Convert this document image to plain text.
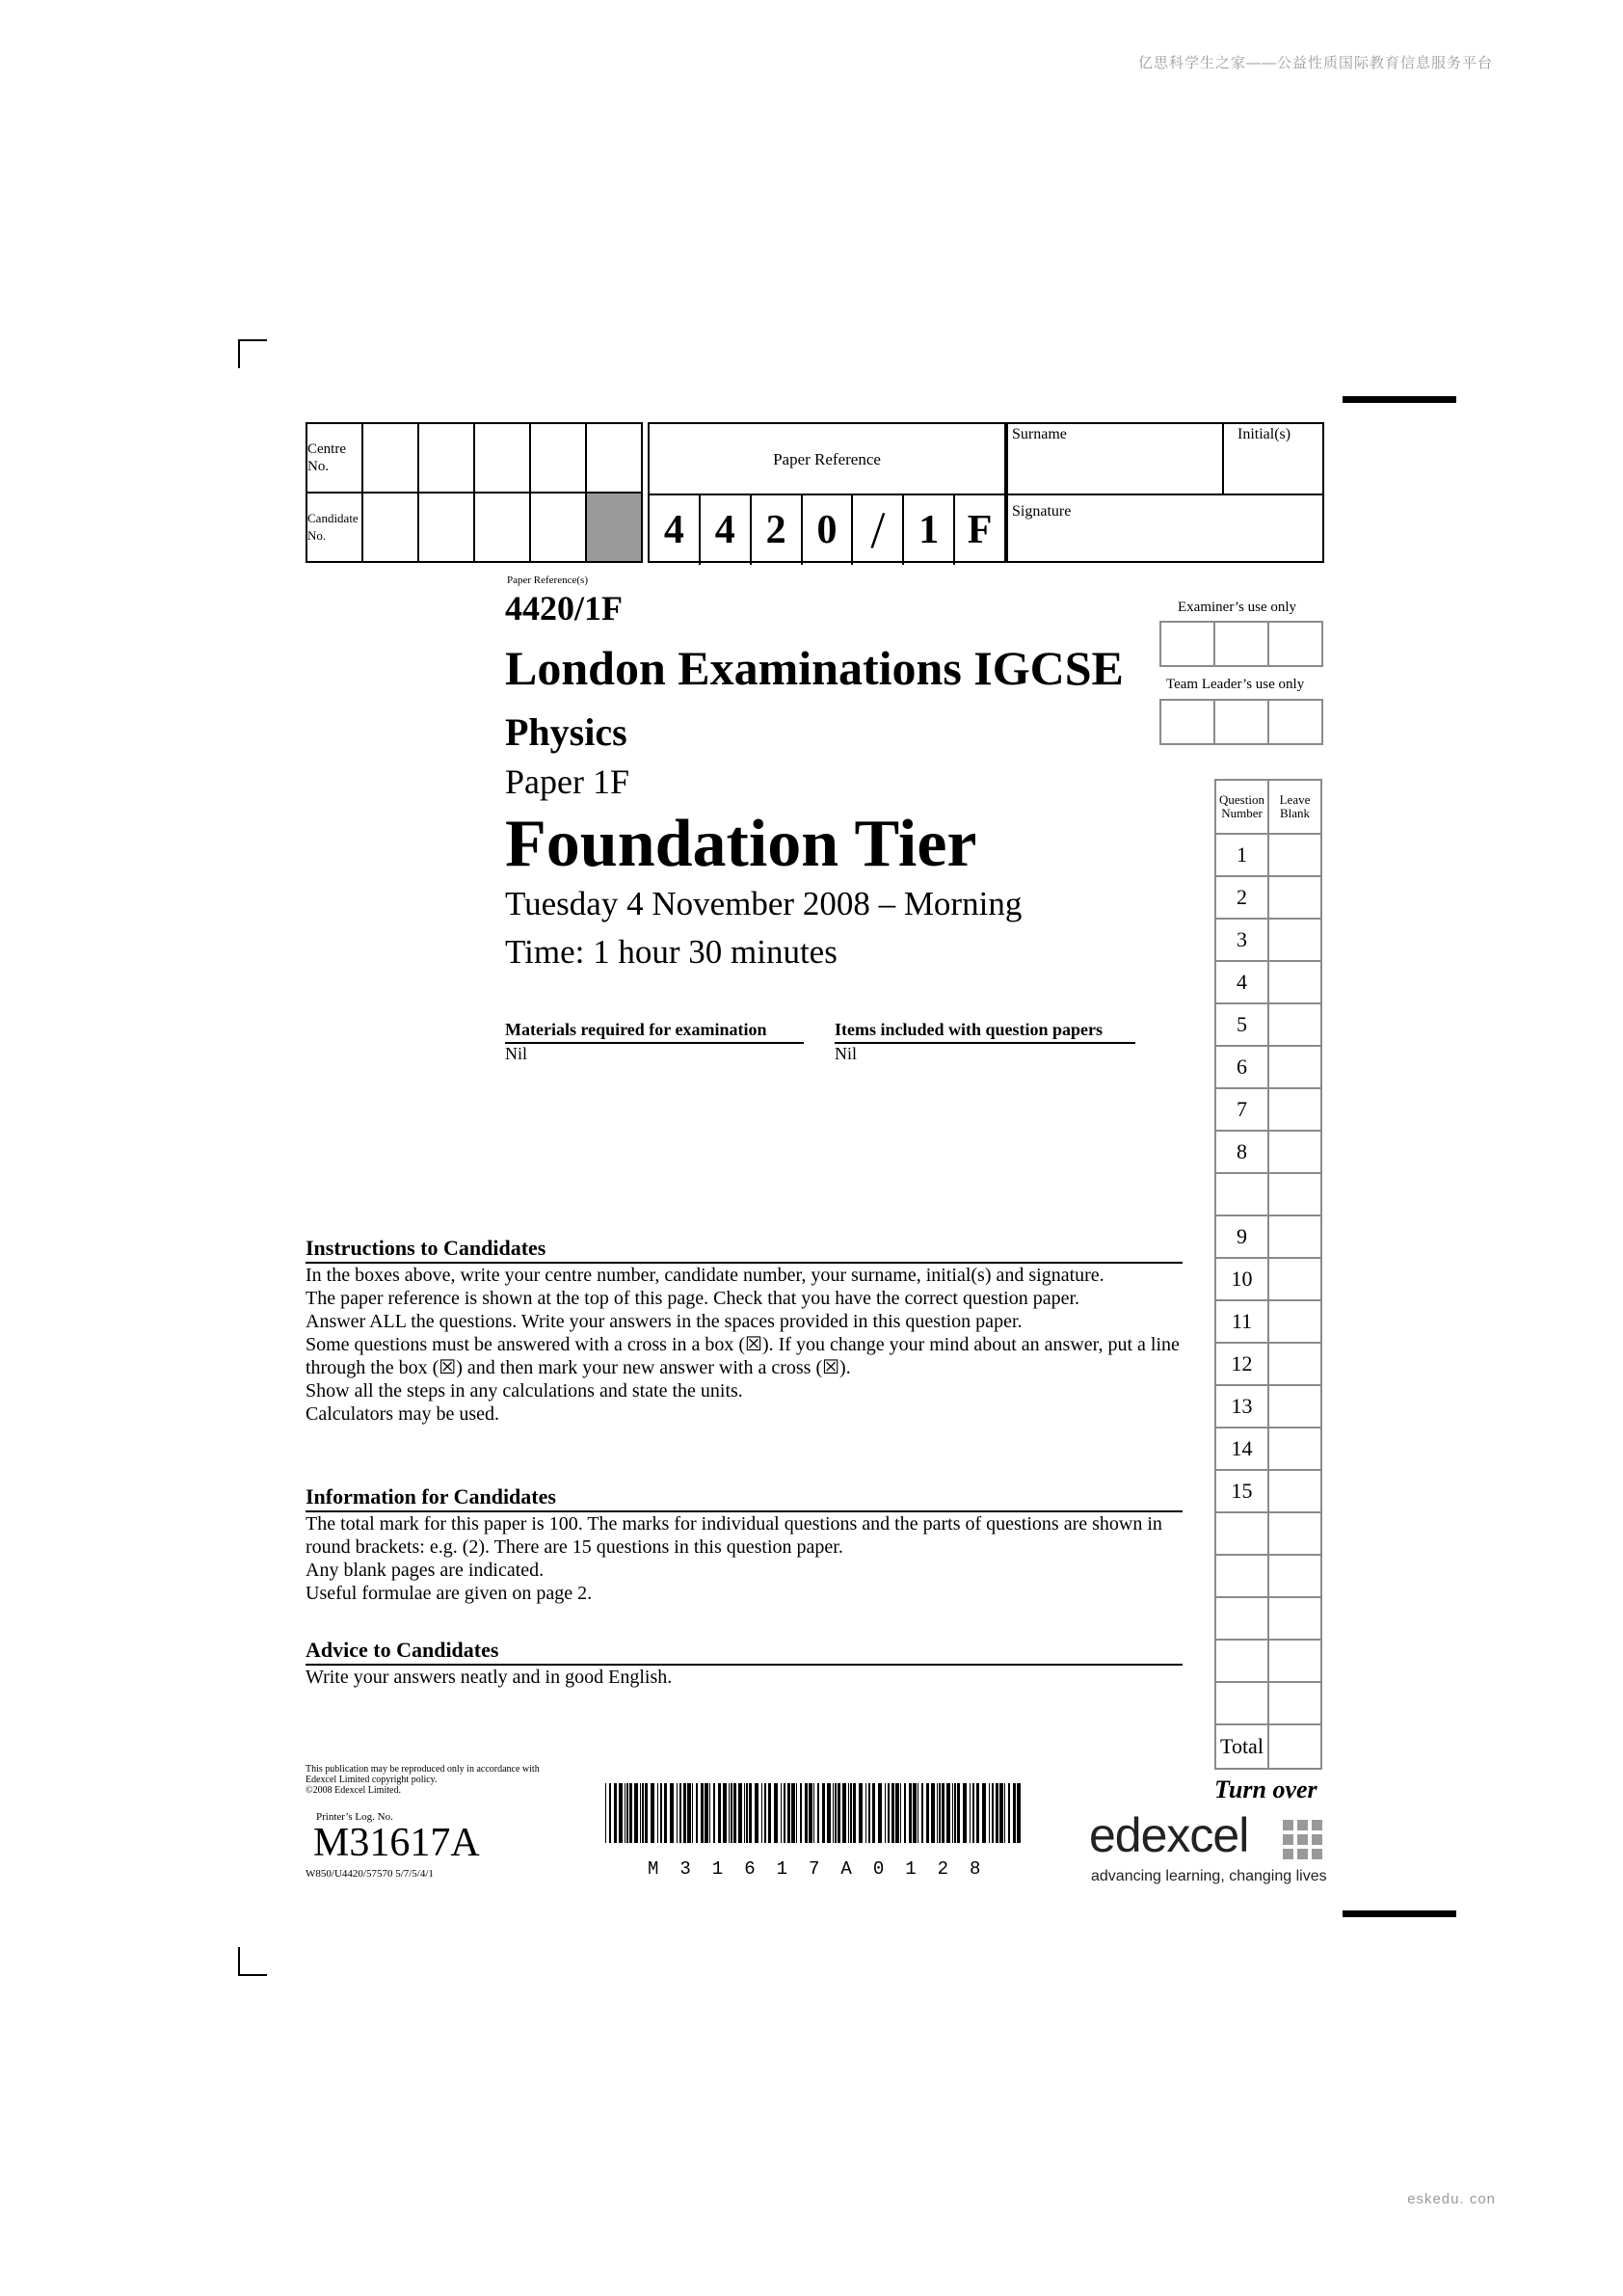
亿思科学生之家——公益性质国际教育信息服务平台
eskedu. con
Centre
No.					
Candidate
No.					
Paper Reference
4 4 2 0 / 1 F
Surname	Initial(s)
Signature
Paper Reference(s)
4420/1F
London Examinations IGCSE
Physics
Paper 1F
Foundation Tier
Tuesday 4 November 2008 – Morning
Time: 1 hour 30 minutes
Examiner’s use only

Team Leader’s use only

Materials required for examination
Nil
Items included with question papers
Nil
Question Number	Leave Blank
1	
2	
3	
4	
5	
6	
7	
8	

9	
10	
11	
12	
13	
14	
15	

Total	
Instructions to Candidates

In the boxes above, write your centre number, candidate number, your surname, initial(s) and signature.

The paper reference is shown at the top of this page. Check that you have the correct question paper.

Answer ALL the questions. Write your answers in the spaces provided in this question paper.

Some questions must be answered with a cross in a box (☒). If you change your mind about an answer, put a line through the box (☒) and then mark your new answer with a cross (☒).

Show all the steps in any calculations and state the units.

Calculators may be used.

Information for Candidates

The total mark for this paper is 100. The marks for individual questions and the parts of questions are shown in round brackets: e.g. (2). There are 15 questions in this question paper.

Any blank pages are indicated.

Useful formulae are given on page 2.

Advice to Candidates

Write your answers neatly and in good English.

This publication may be reproduced only in accordance with
Edexcel Limited copyright policy.
©2008 Edexcel Limited.
Printer’s Log. No.
M31617A
W850/U4420/57570 5/7/5/4/1	M31617A0128
Turn over
edexcel
advancing learning, changing lives
